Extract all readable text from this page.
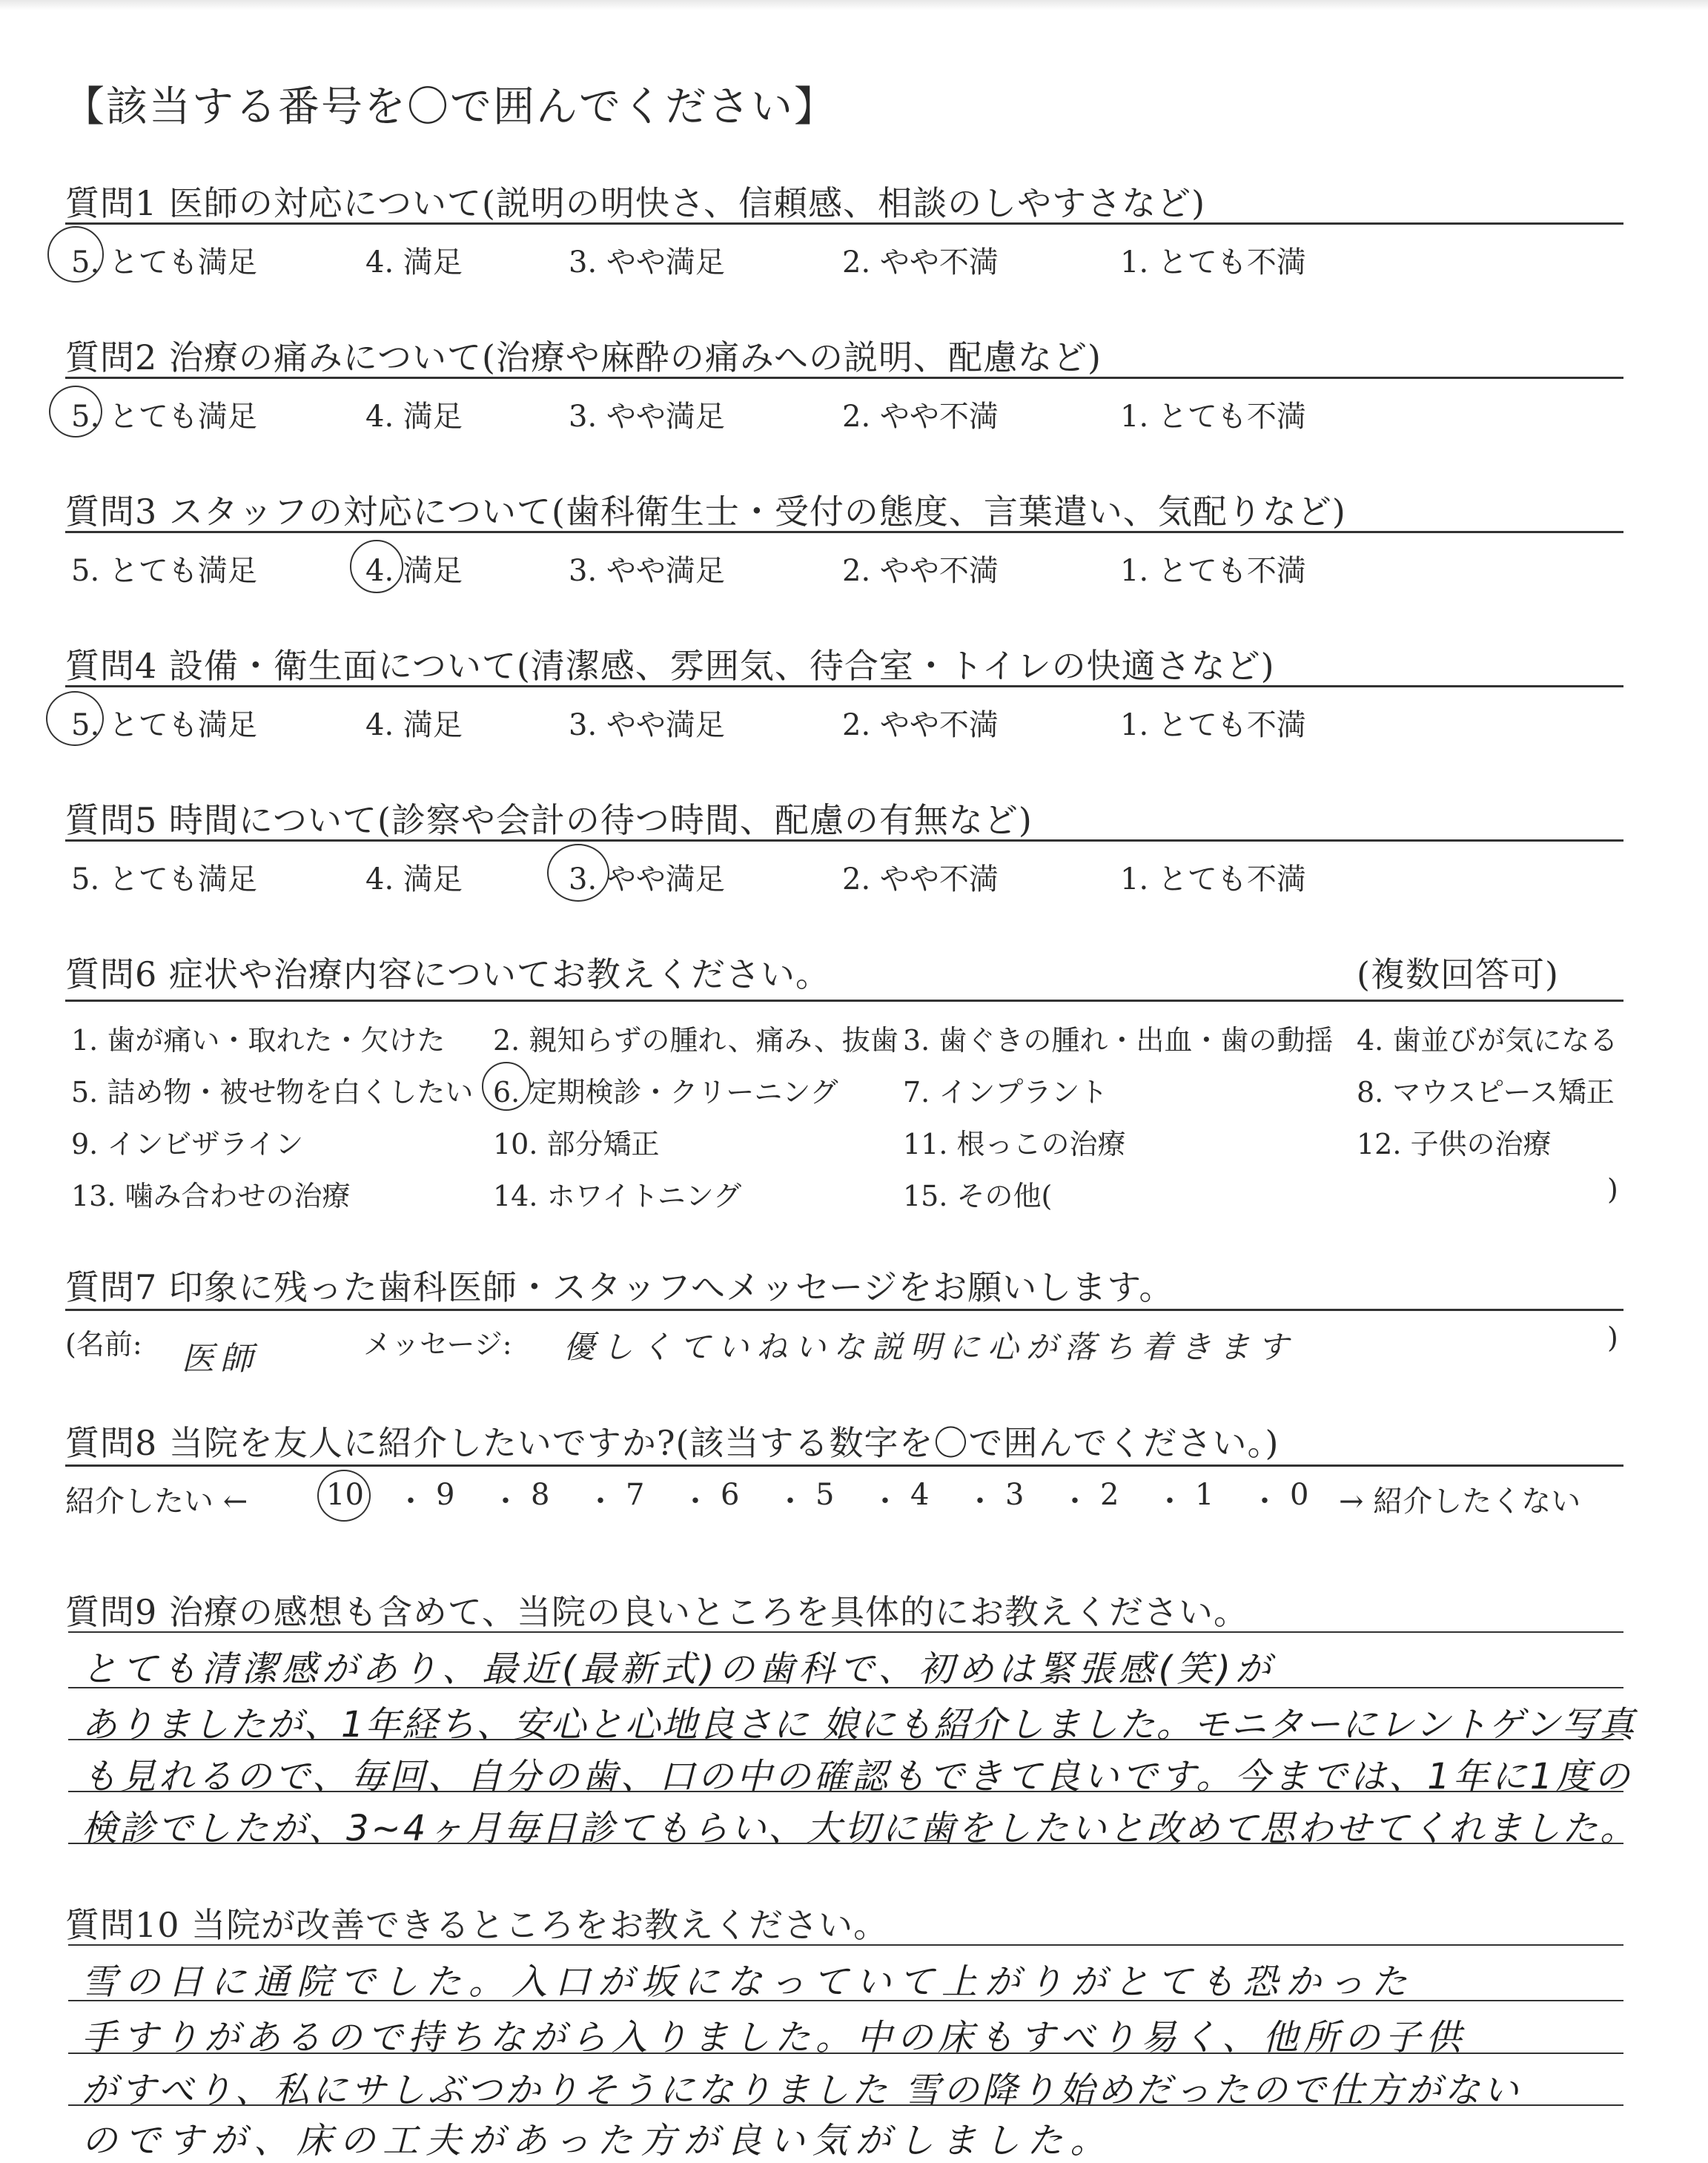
【該当する番号を〇で囲んでください】
質問1 医師の対応について(説明の明快さ、信頼感、相談のしやすさなど)
5. とても満足	4. 満足	3. やや満足	2. やや不満	1. とても不満
質問2 治療の痛みについて(治療や麻酔の痛みへの説明、配慮など)
5. とても満足	4. 満足	3. やや満足	2. やや不満	1. とても不満
質問3 スタッフの対応について(歯科衛生士・受付の態度、言葉遣い、気配りなど)
5. とても満足	4. 満足	3. やや満足	2. やや不満	1. とても不満
質問4 設備・衛生面について(清潔感、雰囲気、待合室・トイレの快適さなど)
5. とても満足	4. 満足	3. やや満足	2. やや不満	1. とても不満
質問5 時間について(診察や会計の待つ時間、配慮の有無など)
5. とても満足	4. 満足	3. やや満足	2. やや不満	1. とても不満
質問6 症状や治療内容についてお教えください。	(複数回答可)
1. 歯が痛い・取れた・欠けた 2. 親知らずの腫れ、痛み、抜歯 3. 歯ぐきの腫れ・出血・歯の動揺 4. 歯並びが気になる
5. 詰め物・被せ物を白くしたい 6. 定期検診・クリーニング 7. インプラント	8. マウスピース矯正
9. インビザライン	10. 部分矯正	11. 根っこの治療	12. 子供の治療
13. 噛み合わせの治療	14. ホワイトニング	15. その他(	)
質問7 印象に残った歯科医師・スタッフへメッセージをお願いします。
(名前: 医師	メッセージ: 優しくていねいな説明に心が落ち着きます	)
質問8 当院を友人に紹介したいですか?(該当する数字を〇で囲んでください。)
紹介したい ←	10 ・ 9 ・ 8 ・ 7 ・ 6 ・ 5 ・ 4 ・ 3 ・ 2 ・ 1 ・ 0 → 紹介したくない
質問9 治療の感想も含めて、当院の良いところを具体的にお教えください。
とても清潔感があり、最近(最新式)の歯科で、初めは緊張感(笑)が
ありましたが、1年経ち、安心と心地良さに 娘にも紹介しました。モニターにレントゲン写真
も見れるので、毎回、自分の歯、口の中の確認もできて良いです。今までは、1年に1度の
検診でしたが、3~4ヶ月毎日診てもらい、大切に歯をしたいと改めて思わせてくれました。
質問10 当院が改善できるところをお教えください。
雪の日に通院でした。入口が坂になっていて上がりがとても恐かった
手すりがあるので持ちながら入りました。中の床もすべり易く、他所の子供
がすべり、私にサしぶつかりそうになりました 雪の降り始めだったので仕方がない
のですが、床の工夫があった方が良い気がしました。
